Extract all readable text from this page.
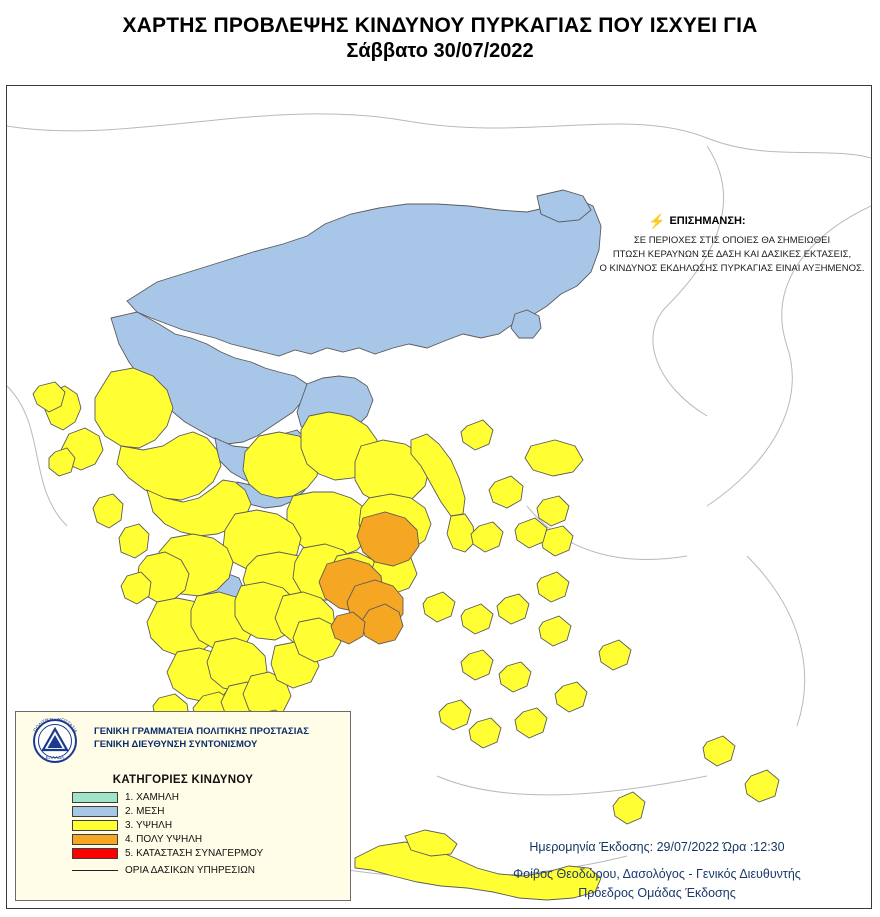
ΧΑΡΤΗΣ ΠΡΟΒΛΕΨΗΣ ΚΙΝΔΥΝΟΥ ΠΥΡΚΑΓΙΑΣ ΠΟΥ ΙΣΧΥΕΙ ΓΙΑ
Σάββατο 30/07/2022
⚡ ΕΠΙΣΗΜΑΝΣΗ:
ΣΕ ΠΕΡΙΟΧΕΣ ΣΤΙΣ ΟΠΟΙΕΣ ΘΑ ΣΗΜΕΙΩΘΕΙ
ΠΤΩΣΗ ΚΕΡΑΥΝΩΝ ΣΕ ΔΑΣΗ ΚΑΙ ΔΑΣΙΚΕΣ ΕΚΤΑΣΕΙΣ,
Ο ΚΙΝΔΥΝΟΣ ΕΚΔΗΛΩΣΗΣ ΠΥΡΚΑΓΙΑΣ ΕΙΝΑΙ ΑΥΞΗΜΕΝΟΣ.
Ημερομηνία Έκδοσης: 29/07/2022 Ώρα :12:30
Φοίβος Θεοδώρου, Δασολόγος - Γενικός Διευθυντής
Πρόεδρος Ομάδας Έκδοσης
ΠΟΛΙΤΙΚΗ ΠΡΟΣΤΑΣΙΑ
ΕΛΛΑΔΑ
ΓΕΝΙΚΗ ΓΡΑΜΜΑΤΕΙΑ ΠΟΛΙΤΙΚΗΣ ΠΡΟΣΤΑΣΙΑΣ
ΓΕΝΙΚΗ ΔΙΕΥΘΥΝΣΗ ΣΥΝΤΟΝΙΣΜΟΥ
ΚΑΤΗΓΟΡΙΕΣ ΚΙΝΔΥΝΟΥ
1. ΧΑΜΗΛΗ
2. ΜΕΣΗ
3. ΥΨΗΛΗ
4. ΠΟΛΥ ΥΨΗΛΗ
5. ΚΑΤΑΣΤΑΣΗ ΣΥΝΑΓΕΡΜΟΥ
ΟΡΙΑ ΔΑΣΙΚΩΝ ΥΠΗΡΕΣΙΩΝ
